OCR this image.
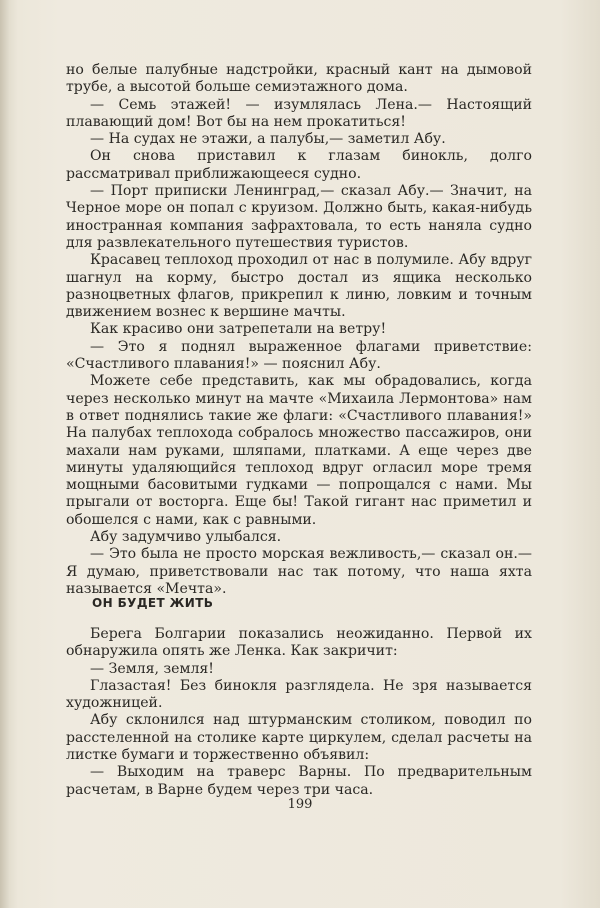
но белые палубные надстройки, красный кант на дымовой трубе, а высотой больше семиэтажного дома.

— Семь этажей! — изумлялась Лена.— Настоящий плавающий дом! Вот бы на нем прокатиться!

— На судах не этажи, а палубы,— заметил Абу.

Он снова приставил к глазам бинокль, долго рассматривал приближающееся судно.

— Порт приписки Ленинград,— сказал Абу.— Значит, на Черное море он попал с круизом. Должно быть, какая-нибудь иностранная компания зафрахтовала, то есть наняла судно для развлекательного путешествия туристов.

Красавец теплоход проходил от нас в полумиле. Абу вдруг шагнул на корму, быстро достал из ящика несколько разноцветных флагов, прикрепил к линю, ловким и точным движением вознес к вершине мачты.

Как красиво они затрепетали на ветру!

— Это я поднял выраженное флагами приветствие: «Счастливого плавания!» — пояснил Абу.

Можете себе представить, как мы обрадовались, когда через несколько минут на мачте «Михаила Лермонтова» нам в ответ поднялись такие же флаги: «Счастливого плавания!» На палубах теплохода собралось множество пассажиров, они махали нам руками, шляпами, платками. А еще через две минуты удаляющийся теплоход вдруг огласил море тремя мощными басовитыми гудками — попрощался с нами. Мы прыгали от восторга. Еще бы! Такой гигант нас приметил и обошелся с нами, как с равными.

Абу задумчиво улыбался.

— Это была не просто морская вежливость,— сказал он.— Я думаю, приветствовали нас так потому, что наша яхта называется «Мечта».

ОН БУДЕТ ЖИТЬ

Берега Болгарии показались неожиданно. Первой их обнаружила опять же Ленка. Как закричит:

— Земля, земля!

Глазастая! Без бинокля разглядела. Не зря называется художницей.

Абу склонился над штурманским столиком, поводил по расстеленной на столике карте циркулем, сделал расчеты на листке бумаги и торжественно объявил:

— Выходим на траверс Варны. По предварительным расчетам, в Варне будем через три часа.

199
